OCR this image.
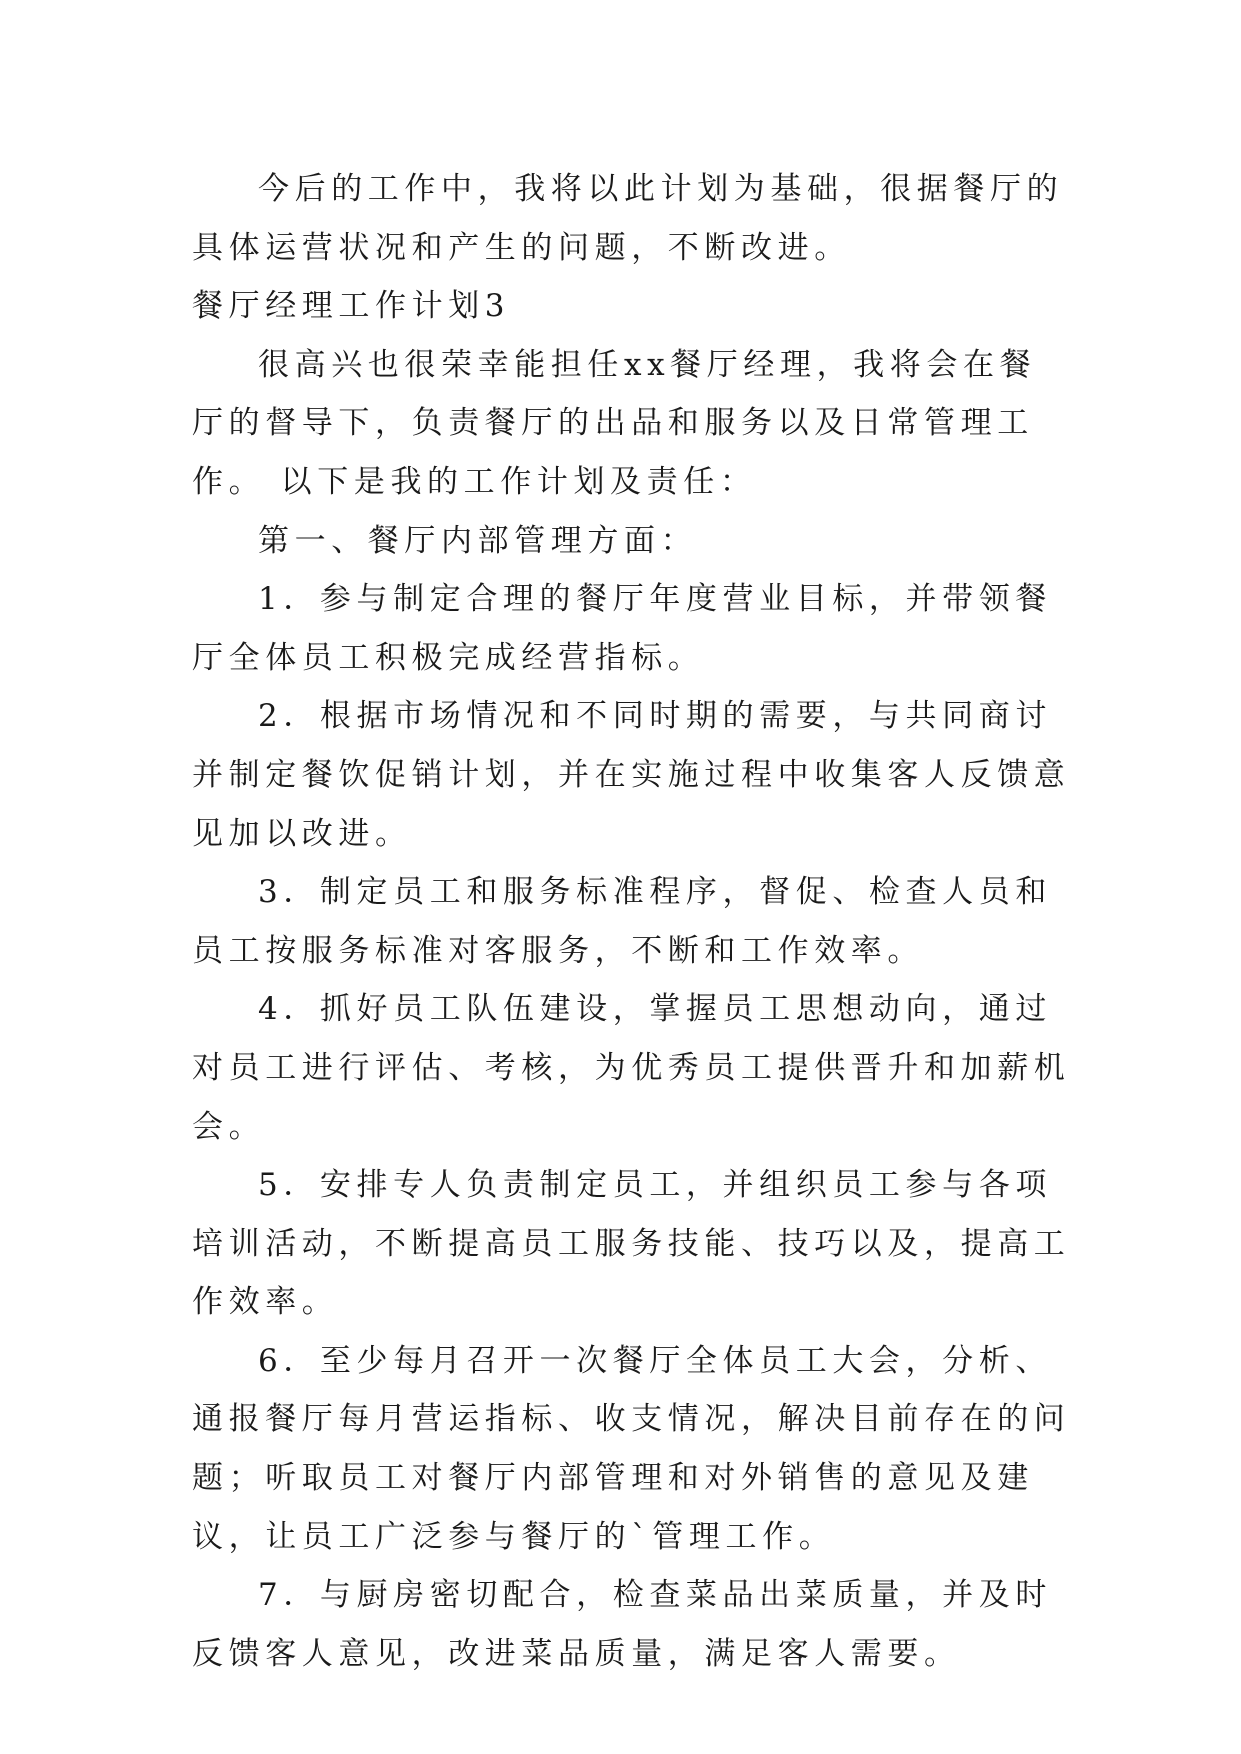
今后的工作中，我将以此计划为基础，很据餐厅的具体运营状况和产生的问题，不断改进。

餐厅经理工作计划3

很高兴也很荣幸能担任xx餐厅经理，我将会在餐厅的督导下，负责餐厅的出品和服务以及日常管理工作。 以下是我的工作计划及责任：

第一、餐厅内部管理方面：

1．参与制定合理的餐厅年度营业目标，并带领餐厅全体员工积极完成经营指标。

2．根据市场情况和不同时期的需要，与共同商讨并制定餐饮促销计划，并在实施过程中收集客人反馈意见加以改进。

3．制定员工和服务标准程序，督促、检查人员和员工按服务标准对客服务，不断和工作效率。

4．抓好员工队伍建设，掌握员工思想动向，通过对员工进行评估、考核，为优秀员工提供晋升和加薪机会。

5．安排专人负责制定员工，并组织员工参与各项培训活动，不断提高员工服务技能、技巧以及，提高工作效率。

6．至少每月召开一次餐厅全体员工大会，分析、通报餐厅每月营运指标、收支情况，解决目前存在的问题；听取员工对餐厅内部管理和对外销售的意见及建议，让员工广泛参与餐厅的`管理工作。

7．与厨房密切配合，检查菜品出菜质量，并及时反馈客人意见，改进菜品质量，满足客人需要。
